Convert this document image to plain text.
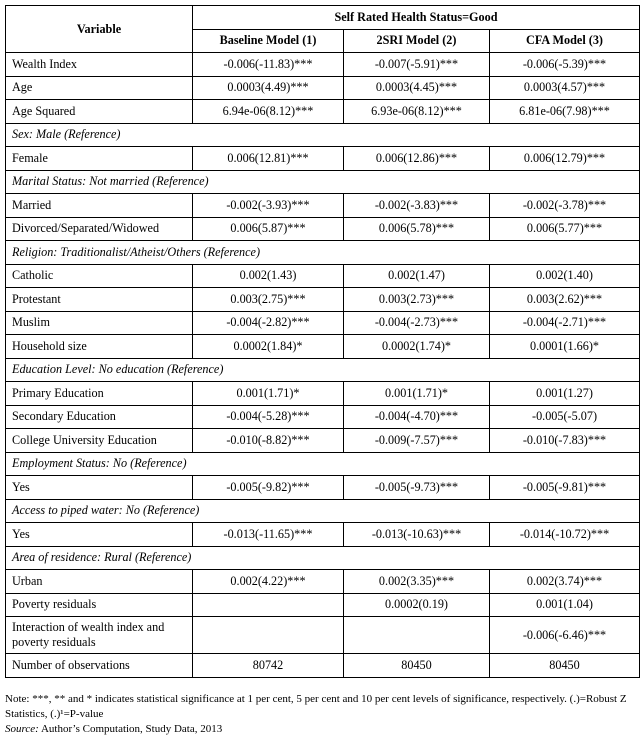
Variable	Self Rated Health Status=Good		
	Baseline Model (1)	2SRI Model (2)	CFA Model (3)
Wealth Index	-0.006(-11.83)***	-0.007(-5.91)***	-0.006(-5.39)***
Age	0.0003(4.49)***	0.0003(4.45)***	0.0003(4.57)***
Age Squared	6.94e-06(8.12)***	6.93e-06(8.12)***	6.81e-06(7.98)***
Sex: Male (Reference)			
Female	0.006(12.81)***	0.006(12.86)***	0.006(12.79)***
Marital Status: Not married (Reference)			
Married	-0.002(-3.93)***	-0.002(-3.83)***	-0.002(-3.78)***
Divorced/Separated/Widowed	0.006(5.87)***	0.006(5.78)***	0.006(5.77)***
Religion: Traditionalist/Atheist/Others (Reference)			
Catholic	0.002(1.43)	0.002(1.47)	0.002(1.40)
Protestant	0.003(2.75)***	0.003(2.73)***	0.003(2.62)***
Muslim	-0.004(-2.82)***	-0.004(-2.73)***	-0.004(-2.71)***
Household size	0.0002(1.84)*	0.0002(1.74)*	0.0001(1.66)*
Education Level: No education (Reference)			
Primary Education	0.001(1.71)*	0.001(1.71)*	0.001(1.27)
Secondary Education	-0.004(-5.28)***	-0.004(-4.70)***	-0.005(-5.07)
College University Education	-0.010(-8.82)***	-0.009(-7.57)***	-0.010(-7.83)***
Employment Status: No (Reference)			
Yes	-0.005(-9.82)***	-0.005(-9.73)***	-0.005(-9.81)***
Access to piped water: No (Reference)			
Yes	-0.013(-11.65)***	-0.013(-10.63)***	-0.014(-10.72)***
Area of residence: Rural (Reference)			
Urban	0.002(4.22)***	0.002(3.35)***	0.002(3.74)***
Poverty residuals		0.0002(0.19)	0.001(1.04)
Interaction of wealth index and poverty residuals			-0.006(-6.46)***
Number of observations	80742	80450	80450
Note: ***, ** and * indicates statistical significance at 1 per cent, 5 per cent and 10 per cent levels of significance, respectively. (.)=Robust Z Statistics, (.)¹=P-value
Source: Author’s Computation, Study Data, 2013
